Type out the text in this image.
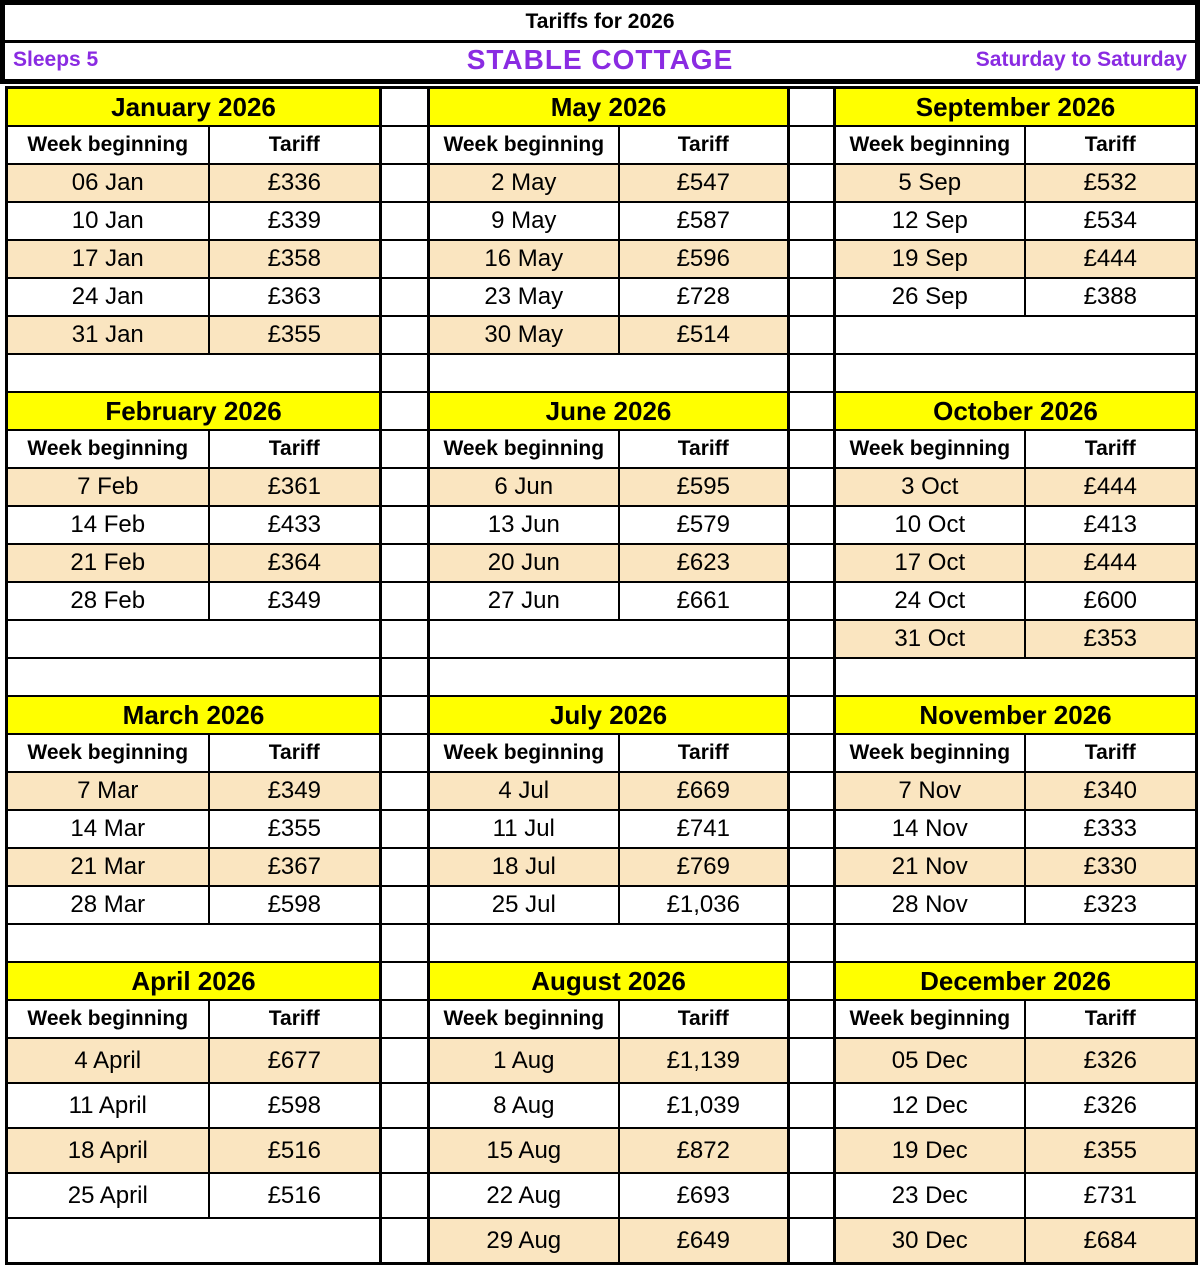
Tariffs for 2026
Sleeps 5	STABLE COTTAGE	Saturday to Saturday
January 2026			May 2026			September 2026	
Week beginning	Tariff		Week beginning	Tariff		Week beginning	Tariff
06 Jan	£336		2 May	£547		5 Sep	£532
10 Jan	£339		9 May	£587		12 Sep	£534
17 Jan	£358		16 May	£596		19 Sep	£444
24 Jan	£363		23 May	£728		26 Sep	£388
31 Jan	£355		30 May	£514			

February 2026			June 2026			October 2026	
Week beginning	Tariff		Week beginning	Tariff		Week beginning	Tariff
7 Feb	£361		6 Jun	£595		3 Oct	£444
14 Feb	£433		13 Jun	£579		10 Oct	£413
21 Feb	£364		20 Jun	£623		17 Oct	£444
28 Feb	£349		27 Jun	£661		24 Oct	£600
						31 Oct	£353

March 2026			July 2026			November 2026	
Week beginning	Tariff		Week beginning	Tariff		Week beginning	Tariff
7 Mar	£349		4 Jul	£669		7 Nov	£340
14 Mar	£355		11 Jul	£741		14 Nov	£333
21 Mar	£367		18 Jul	£769		21 Nov	£330
28 Mar	£598		25 Jul	£1,036		28 Nov	£323

April 2026			August 2026			December 2026	
Week beginning	Tariff		Week beginning	Tariff		Week beginning	Tariff
4 April	£677		1 Aug	£1,139		05 Dec	£326
11 April	£598		8 Aug	£1,039		12 Dec	£326
18 April	£516		15 Aug	£872		19 Dec	£355
25 April	£516		22 Aug	£693		23 Dec	£731
			29 Aug	£649		30 Dec	£684
